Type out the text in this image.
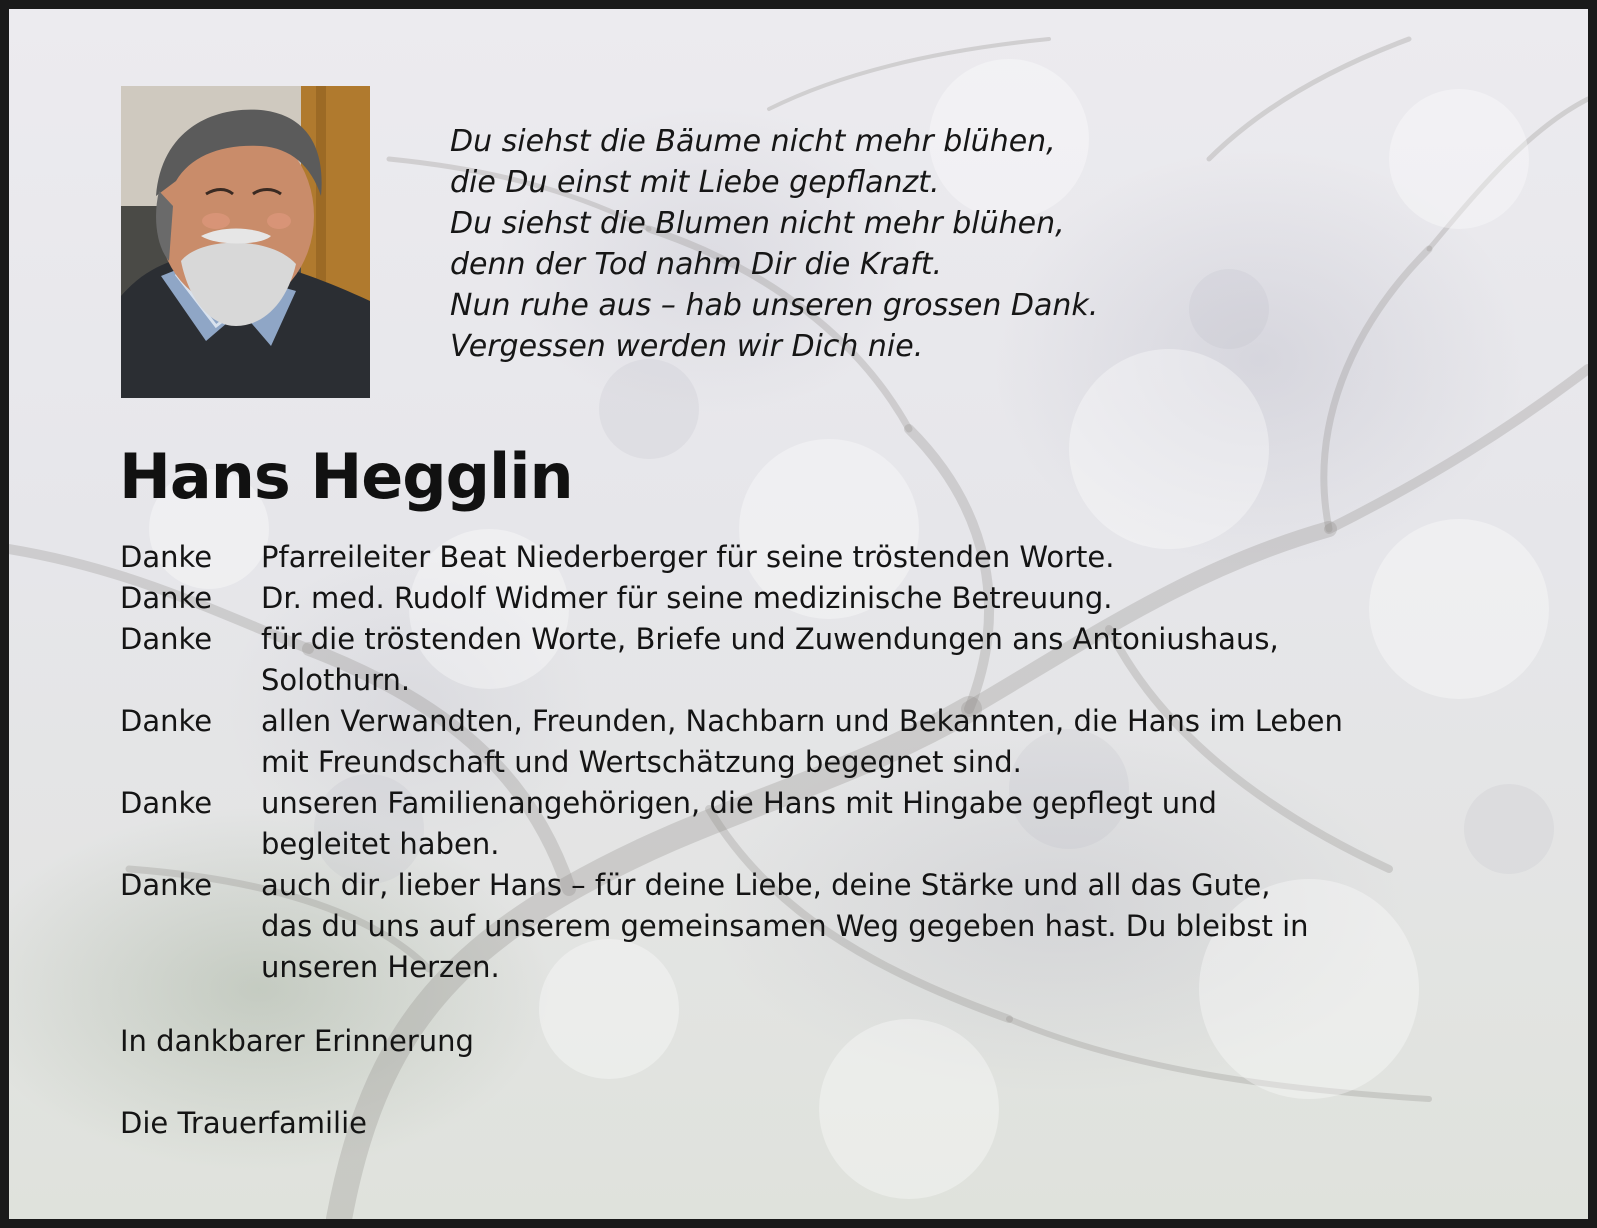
Du siehst die Bäume nicht mehr blühen,
die Du einst mit Liebe gepflanzt.
Du siehst die Blumen nicht mehr blühen,
denn der Tod nahm Dir die Kraft.
Nun ruhe aus – hab unseren grossen Dank.
Vergessen werden wir Dich nie.
Hans Hegglin
Danke	Pfarreileiter Beat Niederberger für seine tröstenden Worte.
Danke	Dr. med. Rudolf Widmer für seine medizinische Betreuung.
Danke	für die tröstenden Worte, Briefe und Zuwendungen ans Antoniushaus,
Solothurn.
Danke	allen Verwandten, Freunden, Nachbarn und Bekannten, die Hans im Leben
mit Freundschaft und Wertschätzung begegnet sind.
Danke	unseren Familienangehörigen, die Hans mit Hingabe gepflegt und
begleitet haben.
Danke	auch dir, lieber Hans – für deine Liebe, deine Stärke und all das Gute,
das du uns auf unserem gemeinsamen Weg gegeben hast. Du bleibst in
unseren Herzen.
In dankbarer Erinnerung
Die Trauerfamilie
